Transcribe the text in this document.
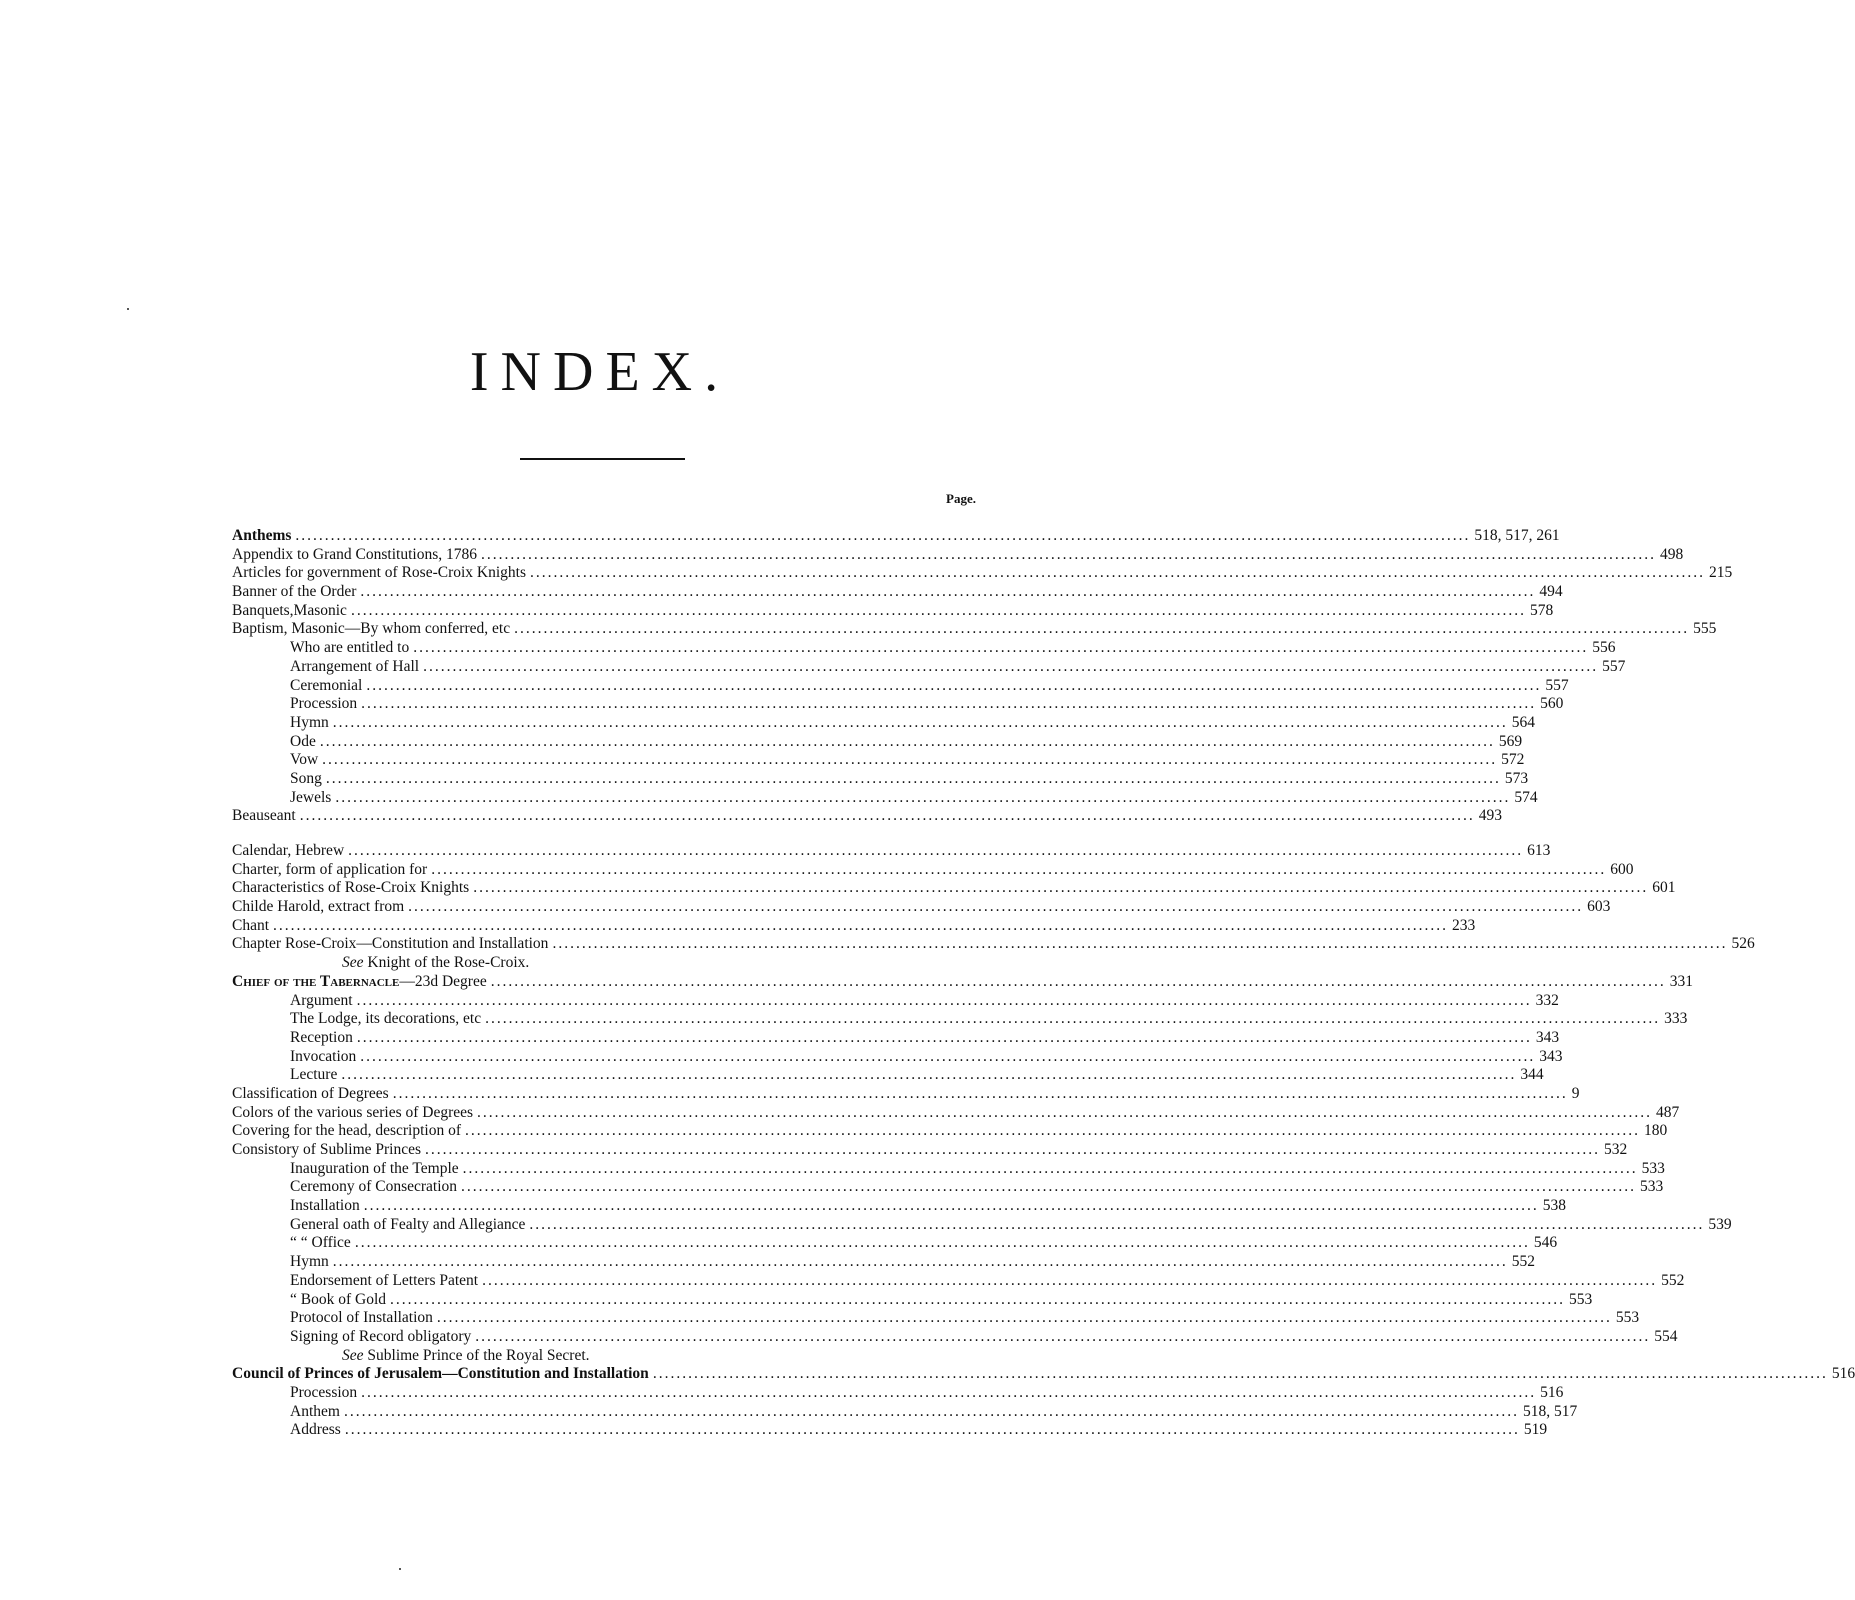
INDEX.
Page.
Anthems ........................................................................................................................................................................................................ 518, 517, 261
Appendix to Grand Constitutions, 1786 ........................................................................................................................................................................................................ 498
Articles for government of Rose-Croix Knights ........................................................................................................................................................................................................ 215
Banner of the Order ........................................................................................................................................................................................................ 494
Banquets,Masonic ........................................................................................................................................................................................................ 578
Baptism, Masonic—By whom conferred, etc ........................................................................................................................................................................................................ 555
Who are entitled to ........................................................................................................................................................................................................ 556
Arrangement of Hall ........................................................................................................................................................................................................ 557
Ceremonial ........................................................................................................................................................................................................ 557
Procession ........................................................................................................................................................................................................ 560
Hymn ........................................................................................................................................................................................................ 564
Ode ........................................................................................................................................................................................................ 569
Vow ........................................................................................................................................................................................................ 572
Song ........................................................................................................................................................................................................ 573
Jewels ........................................................................................................................................................................................................ 574
Beauseant ........................................................................................................................................................................................................ 493
Calendar, Hebrew ........................................................................................................................................................................................................ 613
Charter, form of application for ........................................................................................................................................................................................................ 600
Characteristics of Rose-Croix Knights ........................................................................................................................................................................................................ 601
Childe Harold, extract from ........................................................................................................................................................................................................ 603
Chant ........................................................................................................................................................................................................ 233
Chapter Rose-Croix—Constitution and Installation ........................................................................................................................................................................................................ 526
See Knight of the Rose-Croix.
Chief of the Tabernacle—23d Degree ........................................................................................................................................................................................................ 331
Argument ........................................................................................................................................................................................................ 332
The Lodge, its decorations, etc ........................................................................................................................................................................................................ 333
Reception ........................................................................................................................................................................................................ 343
Invocation ........................................................................................................................................................................................................ 343
Lecture ........................................................................................................................................................................................................ 344
Classification of Degrees ........................................................................................................................................................................................................ 9
Colors of the various series of Degrees ........................................................................................................................................................................................................ 487
Covering for the head, description of ........................................................................................................................................................................................................ 180
Consistory of Sublime Princes ........................................................................................................................................................................................................ 532
Inauguration of the Temple ........................................................................................................................................................................................................ 533
Ceremony of Consecration ........................................................................................................................................................................................................ 533
Installation ........................................................................................................................................................................................................ 538
General oath of Fealty and Allegiance ........................................................................................................................................................................................................ 539
“ “ Office ........................................................................................................................................................................................................ 546
Hymn ........................................................................................................................................................................................................ 552
Endorsement of Letters Patent ........................................................................................................................................................................................................ 552
“ Book of Gold ........................................................................................................................................................................................................ 553
Protocol of Installation ........................................................................................................................................................................................................ 553
Signing of Record obligatory ........................................................................................................................................................................................................ 554
See Sublime Prince of the Royal Secret.
Council of Princes of Jerusalem—Constitution and Installation ........................................................................................................................................................................................................ 516
Procession ........................................................................................................................................................................................................ 516
Anthem ........................................................................................................................................................................................................ 518, 517
Address ........................................................................................................................................................................................................ 519
